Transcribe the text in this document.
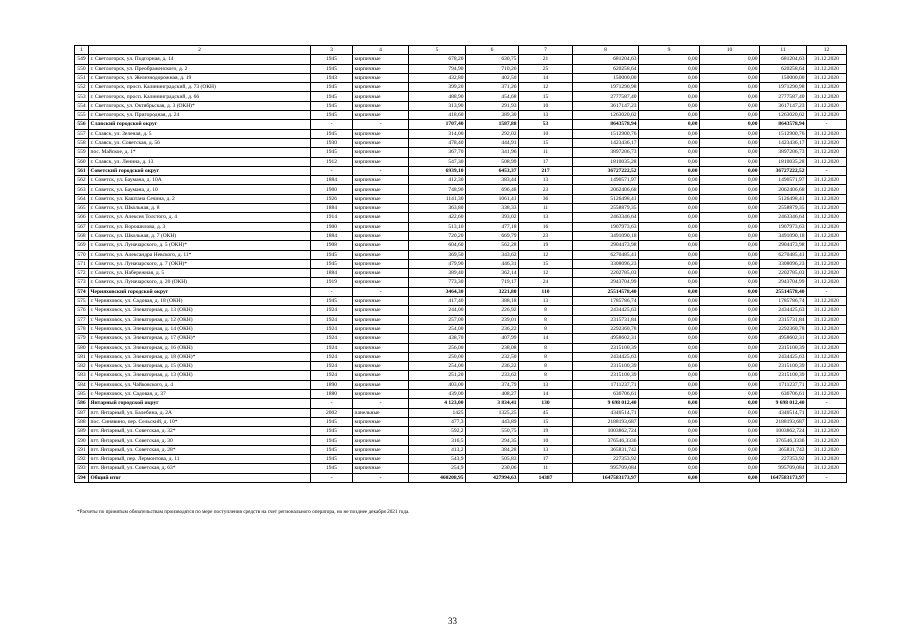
1	2	3	4	5	6	7	8	9	10	11	12
549	г. Светлогорск, ул. Подгорная, д. 14	1945	кирпичные	678,20	630,75	21	681204,63	0,00	0,00	681204,63	31.12.2020
550	г. Светлогорск, ул. Преображенского, д. 2	1945	кирпичные	794,90	710,26	25	620258,64	0,00	0,00	620258,64	31.12.2020
551	г. Светлогорск, ул. Железнодорожная, д. 19	1943	кирпичные	432,80	402,50	14	150000,00	0,00	0,00	150000,00	31.12.2020
552	г. Светлогорск, просп. Калининградский, д. 73 (ОКН)	1945	кирпичные	399,20	371,26	12	1971290,98	0,00	0,00	1971290,98	31.12.2020
553	г. Светлогорск, просп. Калининградский, д. 66	1945	кирпичные	488,90	454,68	15	2777587,40	0,00	0,00	2777587,40	31.12.2020
554	г. Светлогорск, ул. Октябрьская, д. 3 (ОКН)*	1945	кирпичные	313,90	291,93	10	3617147,23	0,00	0,00	3617147,23	31.12.2020
555	г. Светлогорск, ул. Пригородная, д. 24	1945	кирпичные	418,60	389,30	13	1263020,02	0,00	0,00	1263020,02	31.12.2020
556	Славский городской округ	-	-	1707,40	1587,88	53	8643578,94	0,00	0,00	8643578,94	-
557	г. Славск, ул. Зеленая, д. 5	1945	кирпичные	314,00	292,02	10	1512900,76	0,00	0,00	1512900,76	31.12.2020
558	г. Славск, ул. Советская, д. 56	1930	кирпичные	478,40	444,91	15	1423436,17	0,00	0,00	1423436,17	31.12.2020
559	пос. Майское, д. 1*	1945	кирпичные	367,70	341,96	11	3897206,73	0,00	0,00	3897206,73	31.12.2020
560	г. Славск, ул. Ленина, д. 13	1912	кирпичные	547,30	508,99	17	1810035,28	0,00	0,00	1810035,28	31.12.2020
561	Советский городской округ	-	-	6939,10	6453,37	217	36727222,52	0,00	0,00	36727222,52	-
562	г. Советск, ул. Баумана, д. 10А	1884	кирпичные	412,30	383,44	13	1490571,97	0,00	0,00	1490571,97	31.12.2020
563	г. Советск, ул. Баумана, д. 10	1900	кирпичные	748,90	696,48	23	2062406,68	0,00	0,00	2062406,68	31.12.2020
564	г. Советск, ул. Каштана Сечина, д. 2	1926	кирпичные	1141,30	1061,41	36	5126498,41	0,00	0,00	5126498,41	31.12.2020
565	г. Советск, ул. Школьная, д. 8	1884	кирпичные	363,80	338,33	11	2558879,35	0,00	0,00	2558879,35	31.12.2020
566	г. Советск, ул. Алексея Толстого, д. 4	1914	кирпичные	422,60	393,02	13	2463346,64	0,00	0,00	2463346,64	31.12.2020
567	г. Советск, ул. Ворошилова, д. 3	1900	кирпичные	513,10	477,18	16	1907973,63	0,00	0,00	1907973,63	31.12.2020
568	г. Советск, ул. Школьная, д. 7 (ОКН)	1884	кирпичные	720,20	669,79	23	3491090,18	0,00	0,00	3491090,18	31.12.2020
569	г. Советск, ул. Луначарского, д. 5 (ОКН)*	1908	кирпичные	604,60	562,28	19	2904473,98	0,00	0,00	2904473,98	31.12.2020
570	г. Советск, ул. Александра Невского, д. 11*	1945	кирпичные	369,50	343,62	12	6270485,41	0,00	0,00	6270485,41	31.12.2020
571	г. Советск, ул. Луначарского, д. 7 (ОКН)*	1945	кирпичные	479,90	446,31	15	3308096,23	0,00	0,00	3308096,23	31.12.2020
572	г. Советск, ул. Набережная, д. 5	1884	кирпичные	389,40	362,14	12	2202785,03	0,00	0,00	2202785,03	31.12.2020
573	г. Советск, ул. Луначарского, д. 20 (ОКН)	1919	кирпичные	773,30	719,17	24	2943704,99	0,00	0,00	2943704,99	31.12.2020
574	Черняховский городской округ	-	-	3464,30	3221,80	110	25514578,40	0,00	0,00	25514578,40	-
575	г. Черняховск, ул. Садовая, д. 18 (ОКН)	1945	кирпичные	417,40	388,18	13	1785786,74	0,00	0,00	1785786,74	31.12.2020
576	г. Черняховск, ул. Элеваторная, д. 13 (ОКН)	1924	кирпичные	244,00	226,92	8	2434425,63	0,00	0,00	2434425,63	31.12.2020
577	г. Черняховск, ул. Элеваторная, д. 12 (ОКН)	1924	кирпичные	257,00	239,01	8	2315731,84	0,00	0,00	2315731,84	31.12.2020
578	г. Черняховск, ул. Элеваторная, д. 14 (ОКН)	1924	кирпичные	254,00	236,22	8	2292360,78	0,00	0,00	2292360,78	31.12.2020
579	г. Черняховск, ул. Элеваторная, д. 17 (ОКН)*	1924	кирпичные	438,70	407,99	14	4958602,31	0,00	0,00	4958602,31	31.12.2020
580	г. Черняховск, ул. Элеваторная, д. 16 (ОКН)	1924	кирпичные	256,00	238,08	8	2315100,39	0,00	0,00	2315100,39	31.12.2020
581	г. Черняховск, ул. Элеваторная, д. 18 (ОКН)*	1924	кирпичные	250,00	232,50	8	2434425,63	0,00	0,00	2434425,63	31.12.2020
582	г. Черняховск, ул. Элеваторная, д. 15 (ОКН)	1924	кирпичные	254,00	236,22	8	2315100,39	0,00	0,00	2315100,39	31.12.2020
583	г. Черняховск, ул. Элеваторная, д. 13 (ОКН)	1924	кирпичные	251,20	233,62	8	2315100,39	0,00	0,00	2315100,39	31.12.2020
584	г. Черняховск, ул. Чайковского, д. 4	1890	кирпичные	403,00	374,79	13	1711237,71	0,00	0,00	1711237,71	31.12.2020
585	г. Черняховск, ул. Садовая, д. 37	1880	кирпичные	439,00	408,27	14	636706,61	0,00	0,00	636706,61	31.12.2020
586	Янтарный городской округ	-	-	4 123,00	3 834,41	130	9 698 012,40	0,00	0,00	9 698 012,40	-
587	пгт. Янтарный, ул. Балебина, д. 2А	2002	панельные	1425	1325,25	45	4340514,71	0,00	0,00	4340514,71	31.12.2020
588	пос. Синявино, пер. Сельский, д. 10*	1945	кирпичные	477,3	443,89	15	2188193,687	0,00	0,00	2188193,687	31.12.2020
589	пгт. Янтарный, ул. Советская, д. 32*	1945	кирпичные	592,2	550,75	19	1003862,724	0,00	0,00	1003862,724	31.12.2020
590	пгт. Янтарный, ул. Советская, д. 30	1945	кирпичные	316,5	294,35	10	376546,3336	0,00	0,00	376546,3336	31.12.2020
591	пгт. Янтарный, ул. Советская, д. 28*	1945	кирпичные	413,2	384,28	13	365831,742	0,00	0,00	365831,742	31.12.2020
592	пгт. Янтарный, пер. Лермонтова, д. 11	1945	кирпичные	543,9	505,83	17	227353,92	0,00	0,00	227353,92	31.12.2020
593	пгт. Янтарный, ул. Советская, д. 63*	1945	кирпичные	254,9	230,06	11	995709,084	0,00	0,00	995709,084	31.12.2020
594	Общий итог	-	-	460208,95	427994,63	14387	1647583173,97	0,00	0,00	1647583173,97	-
*Расчеты по принятым обязательствам производятся по мере поступления средств на счет регионального оператора, но не позднее декабря 2021 года.
33
